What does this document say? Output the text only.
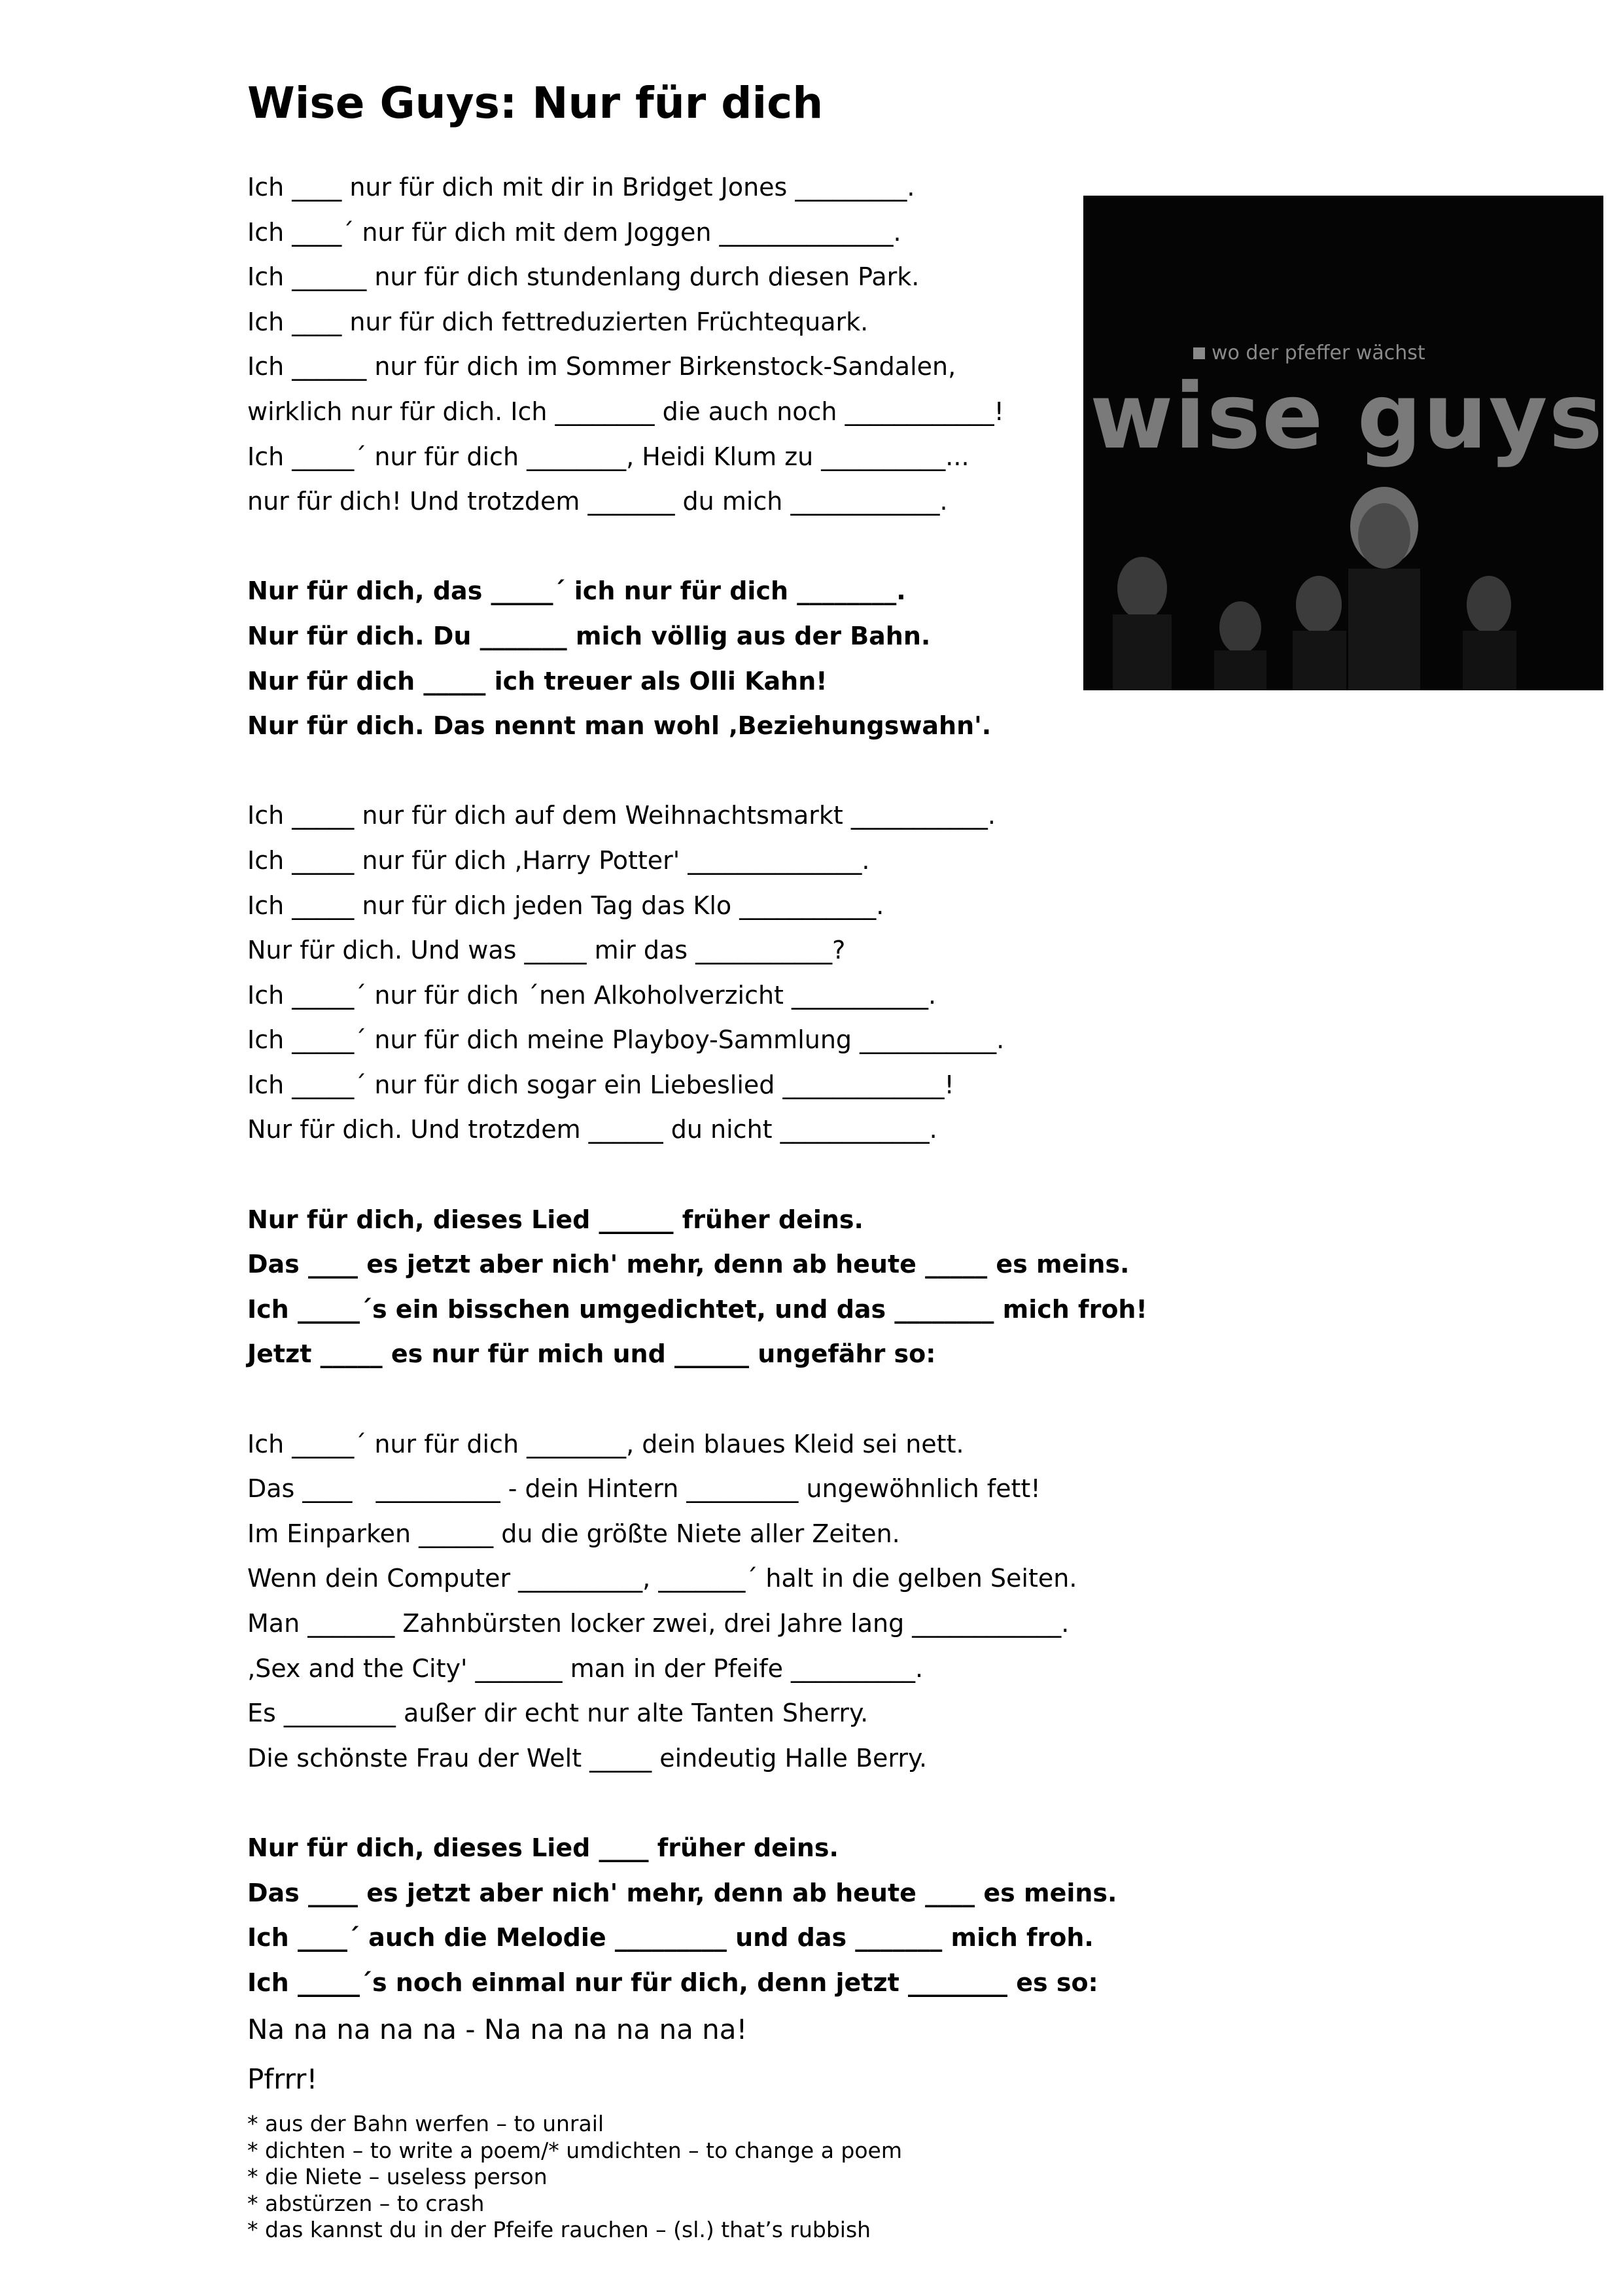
Wise Guys: Nur für dich
Ich ____ nur für dich mit dir in Bridget Jones _________.
Ich ____´ nur für dich mit dem Joggen ______________.
Ich ______ nur für dich stundenlang durch diesen Park.
Ich ____ nur für dich fettreduzierten Früchtequark.
Ich ______ nur für dich im Sommer Birkenstock-Sandalen,
wirklich nur für dich. Ich ________ die auch noch ____________!
Ich _____´ nur für dich ________, Heidi Klum zu __________...
nur für dich! Und trotzdem _______ du mich ____________.
Nur für dich, das _____´ ich nur für dich ________.
Nur für dich. Du _______ mich völlig aus der Bahn.
Nur für dich _____ ich treuer als Olli Kahn!
Nur für dich. Das nennt man wohl ‚Beziehungswahn'.
Ich _____ nur für dich auf dem Weihnachtsmarkt ___________.
Ich _____ nur für dich ‚Harry Potter' ______________.
Ich _____ nur für dich jeden Tag das Klo ___________.
Nur für dich. Und was _____ mir das ___________?
Ich _____´ nur für dich ´nen Alkoholverzicht ___________.
Ich _____´ nur für dich meine Playboy-Sammlung ___________.
Ich _____´ nur für dich sogar ein Liebeslied _____________!
Nur für dich. Und trotzdem ______ du nicht ____________.
Nur für dich, dieses Lied ______ früher deins.
Das ____ es jetzt aber nich' mehr, denn ab heute _____ es meins.
Ich _____´s ein bisschen umgedichtet, und das ________ mich froh!
Jetzt _____ es nur für mich und ______ ungefähr so:
Ich _____´ nur für dich ________, dein blaues Kleid sei nett.
Das ____   __________ - dein Hintern _________ ungewöhnlich fett!
Im Einparken ______ du die größte Niete aller Zeiten.
Wenn dein Computer __________, _______´ halt in die gelben Seiten.
Man _______ Zahnbürsten locker zwei, drei Jahre lang ____________.
‚Sex and the City' _______ man in der Pfeife __________.
Es _________ außer dir echt nur alte Tanten Sherry.
Die schönste Frau der Welt _____ eindeutig Halle Berry.
Nur für dich, dieses Lied ____ früher deins.
Das ____ es jetzt aber nich' mehr, denn ab heute ____ es meins.
Ich ____´ auch die Melodie _________ und das _______ mich froh.
Ich _____´s noch einmal nur für dich, denn jetzt ________ es so:
Na na na na na - Na na na na na na!
Pfrrr!
wo der pfeffer wächst
wise guys
* aus der Bahn werfen – to unrail
* dichten – to write a poem/* umdichten – to change a poem
* die Niete – useless person
* abstürzen – to crash
* das kannst du in der Pfeife rauchen – (sl.) that’s rubbish
